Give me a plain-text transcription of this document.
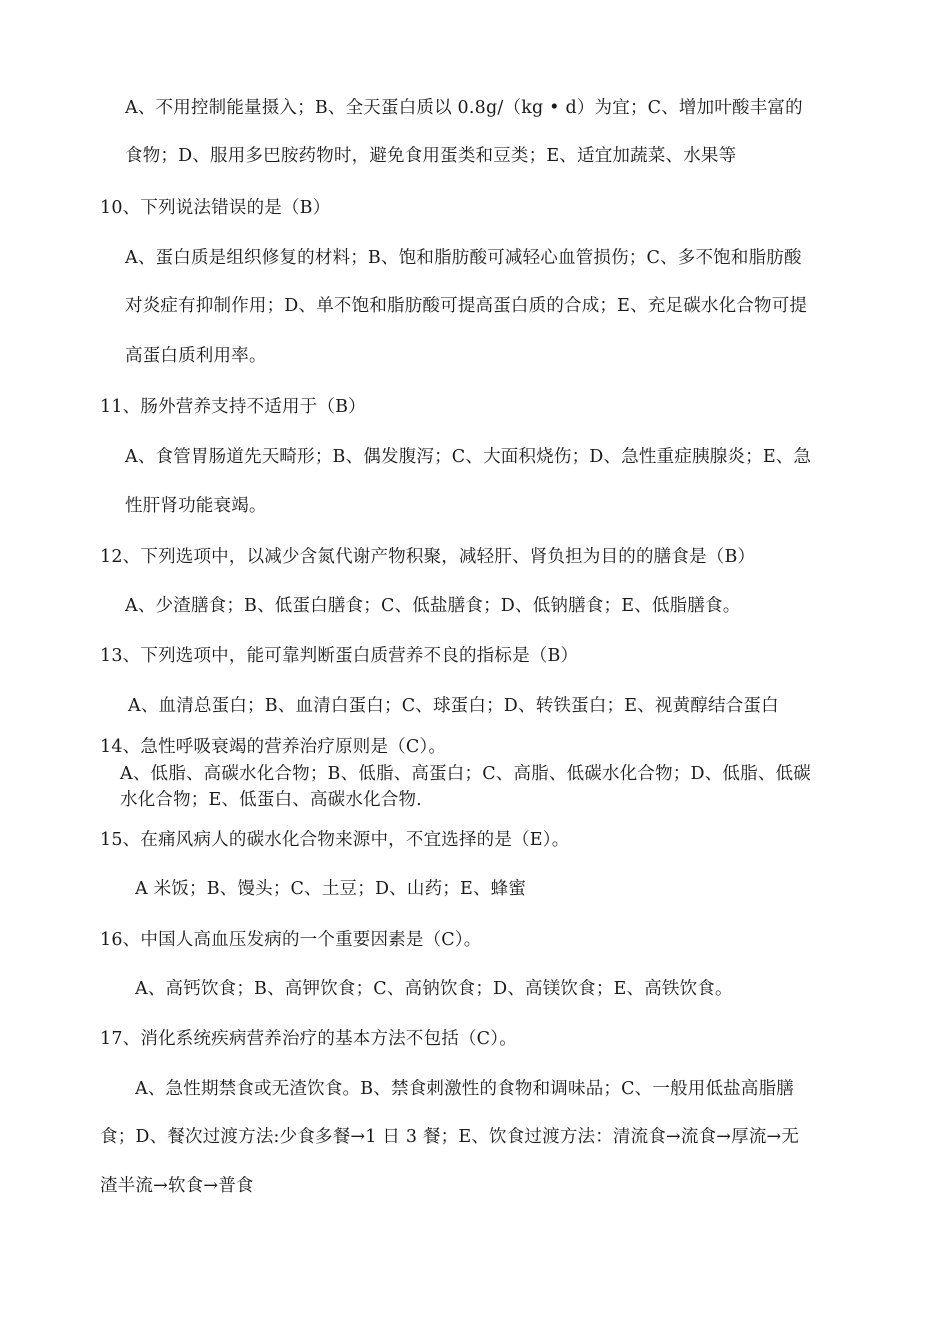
A、不用控制能量摄入；B、全天蛋白质以 0.8g/（kg • d）为宜；C、增加叶酸丰富的
食物；D、服用多巴胺药物时，避免食用蛋类和豆类；E、适宜加蔬菜、水果等
10、下列说法错误的是（B）
A、蛋白质是组织修复的材料；B、饱和脂肪酸可减轻心血管损伤；C、多不饱和脂肪酸
对炎症有抑制作用；D、单不饱和脂肪酸可提高蛋白质的合成；E、充足碳水化合物可提
高蛋白质利用率。
11、肠外营养支持不适用于（B）
A、食管胃肠道先天畸形；B、偶发腹泻；C、大面积烧伤；D、急性重症胰腺炎；E、急
性肝肾功能衰竭。
12、下列选项中，以减少含氮代谢产物积聚，减轻肝、肾负担为目的的膳食是（B）
A、少渣膳食；B、低蛋白膳食；C、低盐膳食；D、低钠膳食；E、低脂膳食。
13、下列选项中，能可靠判断蛋白质营养不良的指标是（B）
A、血清总蛋白；B、血清白蛋白；C、球蛋白；D、转铁蛋白；E、视黄醇结合蛋白
14、急性呼吸衰竭的营养治疗原则是（C）。
A、低脂、高碳水化合物；B、低脂、高蛋白；C、高脂、低碳水化合物；D、低脂、低碳
水化合物；E、低蛋白、高碳水化合物.
15、在痛风病人的碳水化合物来源中，不宜选择的是（E）。
A 米饭；B、馒头；C、土豆；D、山药；E、蜂蜜
16、中国人高血压发病的一个重要因素是（C）。
A、高钙饮食；B、高钾饮食；C、高钠饮食；D、高镁饮食；E、高铁饮食。
17、消化系统疾病营养治疗的基本方法不包括（C）。
A、急性期禁食或无渣饮食。B、禁食刺激性的食物和调味品；C、一般用低盐高脂膳
食；D、餐次过渡方法:少食多餐→1 日 3 餐；E、饮食过渡方法：清流食→流食→厚流→无
渣半流→软食→普食
